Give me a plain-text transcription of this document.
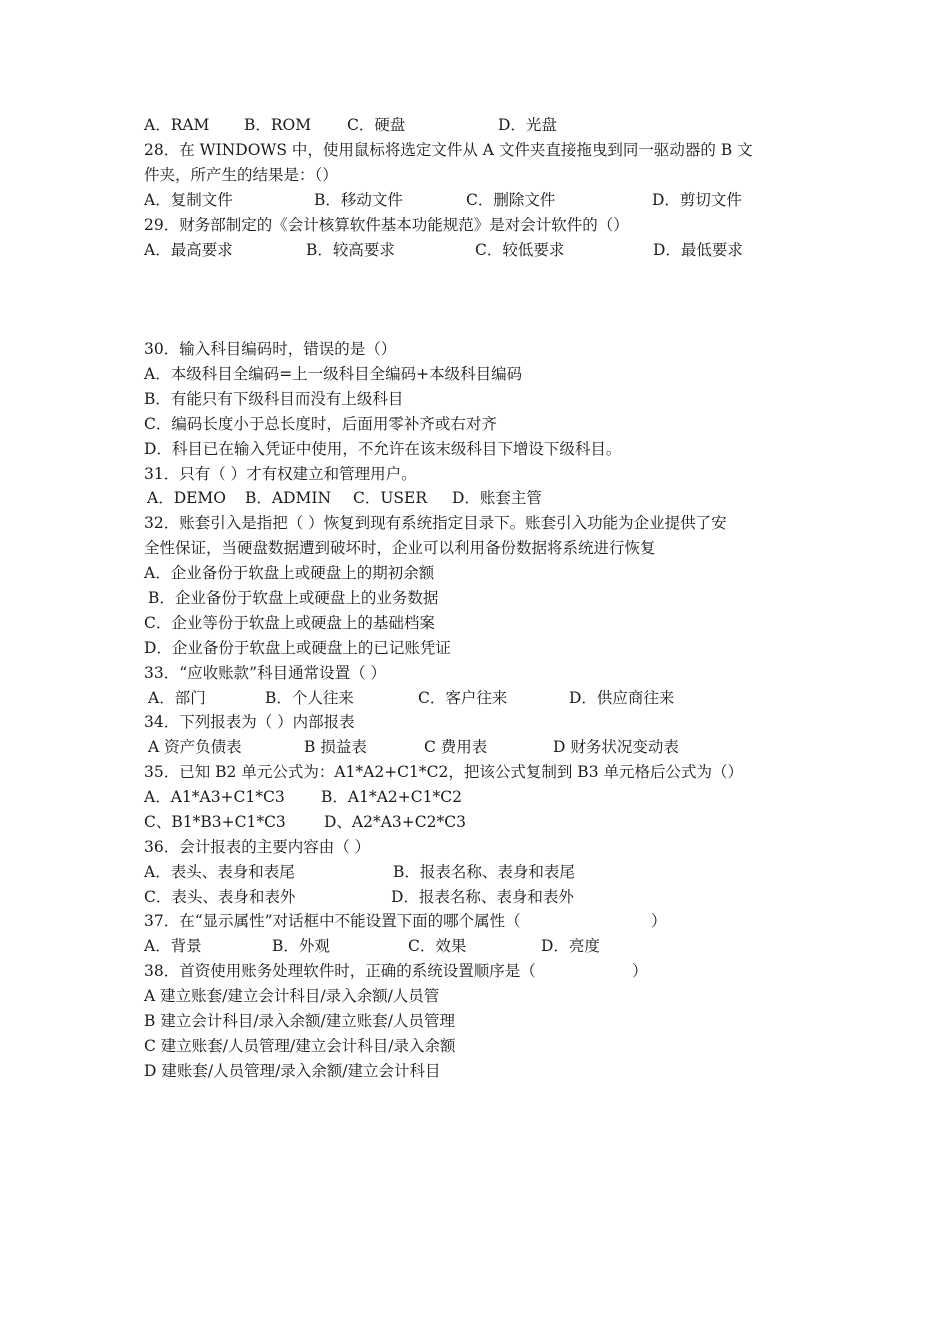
A．RAM B．ROM C．硬盘	D．光盘
28．在 WINDOWS 中，使用鼠标将选定文件从 A 文件夹直接拖曳到同一驱动器的 B 文
件夹，所产生的结果是：（）
A．复制文件	B．移动文件	C．删除文件	D．剪切文件
29．财务部制定的《会计核算软件基本功能规范》是对会计软件的（）
A．最高要求	B．较高要求	C．较低要求	D．最低要求
30．输入科目编码时，错误的是（）
A．本级科目全编码=上一级科目全编码+本级科目编码
B．有能只有下级科目而没有上级科目
C．编码长度小于总长度时，后面用零补齐或右对齐
D．科目已在输入凭证中使用，不允许在该末级科目下增设下级科目。
31．只有（ ）才有权建立和管理用户。
A．DEMO B．ADMIN C．USER D．账套主管
32．账套引入是指把（ ）恢复到现有系统指定目录下。账套引入功能为企业提供了安
全性保证，当硬盘数据遭到破坏时，企业可以利用备份数据将系统进行恢复
A．企业备份于软盘上或硬盘上的期初余额
B．企业备份于软盘上或硬盘上的业务数据
C．企业等份于软盘上或硬盘上的基础档案
D．企业备份于软盘上或硬盘上的已记账凭证
33．“应收账款”科目通常设置（ ）
A．部门	B．个人往来	C．客户往来	D．供应商往来
34．下列报表为（ ）内部报表
A 资产负债表	B 损益表	C 费用表	D 财务状况变动表
35．已知 B2 单元公式为：A1*A2+C1*C2，把该公式复制到 B3 单元格后公式为（）
A．A1*A3+C1*C3 B．A1*A2+C1*C2
C、B1*B3+C1*C3 D、A2*A3+C2*C3
36．会计报表的主要内容由（ ）
A．表头、表身和表尾	B．报表名称、表身和表尾
C．表头、表身和表外	D．报表名称、表身和表外
37．在“显示属性”对话框中不能设置下面的哪个属性（	）
A．背景	B．外观	C．效果	D．亮度
38．首资使用账务处理软件时，正确的系统设置顺序是（	）
A 建立账套/建立会计科目/录入余额/人员管
B 建立会计科目/录入余额/建立账套/人员管理
C 建立账套/人员管理/建立会计科目/录入余额
D 建账套/人员管理/录入余额/建立会计科目
